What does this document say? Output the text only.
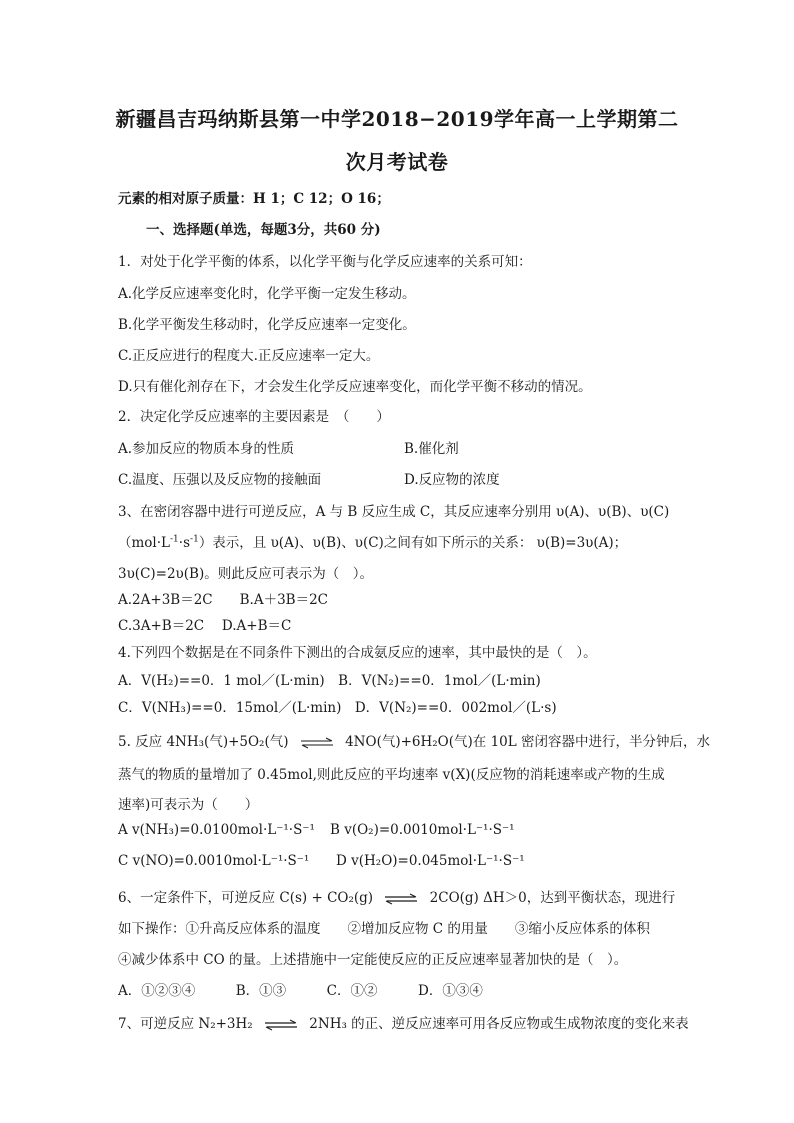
新疆昌吉玛纳斯县第一中学2018−2019学年高一上学期第二
次月考试卷
元素的相对原子质量：H 1；C 12；O 16；
一、选择题(单选，每题3分，共60 分)
1．对处于化学平衡的体系，以化学平衡与化学反应速率的关系可知：
A.化学反应速率变化时，化学平衡一定发生移动。
B.化学平衡发生移动时，化学反应速率一定变化。
C.正反应进行的程度大.正反应速率一定大。
D.只有催化剂存在下，才会发生化学反应速率变化，而化学平衡不移动的情况。
2．决定化学反应速率的主要因素是　（　　）
A.参加反应的物质本身的性质	B.催化剂
C.温度、压强以及反应物的接触面	D.反应物的浓度
3、在密闭容器中进行可逆反应，A 与 B 反应生成 C，其反应速率分别用 υ(A)、υ(B)、υ(C)
$(mol\cdot L^{-1}\cdot s^{-1})$表示，且 υ(A)、υ(B)、υ(C)之间有如下所示的关系： υ(B)=3υ(A)；
3υ(C)=2υ(B)。则此反应可表示为（　）。
A.2A+3B＝2C　　B.A＋3B＝2C
C.3A+B＝2C　 D.A+B＝C
4.下列四个数据是在不同条件下测出的合成氨反应的速率，其中最快的是（　）。
A．V(H₂)==0．1 mol／(L·min)　B．V(N₂)==0．1mol／(L·min)
C．V(NH₃)==0．15mol／(L·min)　D．V(N₂)==0．002mol／(L·s)
5. 反应 4NH₃(气)+5O₂(气) ⇌ 4NO(气)+6H₂O(气)在 10L 密闭容器中进行，半分钟后，水
蒸气的物质的量增加了 0.45mol,则此反应的平均速率 v(X)(反应物的消耗速率或产物的生成
速率)可表示为（　　）
A v(NH₃)=0.0100mol·L⁻¹·S⁻¹ B v(O₂)=0.0010mol·L⁻¹·S⁻¹
C v(NO)=0.0010mol·L⁻¹·S⁻¹ D v(H₂O)=0.045mol·L⁻¹·S⁻¹
6、一定条件下，可逆反应 C(s) + CO₂(g) ⇌ 2CO(g) ΔH＞0，达到平衡状态，现进行
如下操作：①升高反应体系的温度　　②增加反应物 C 的用量　　③缩小反应体系的体积
④减少体系中 CO 的量。上述措施中一定能使反应的正反应速率显著加快的是（　）。
A．①②③④　　　B．①③　　　C．①②　　　D．①③④
7、可逆反应 N₂+3H₂ ⇌ 2NH₃ 的正、逆反应速率可用各反应物或生成物浓度的变化来表
